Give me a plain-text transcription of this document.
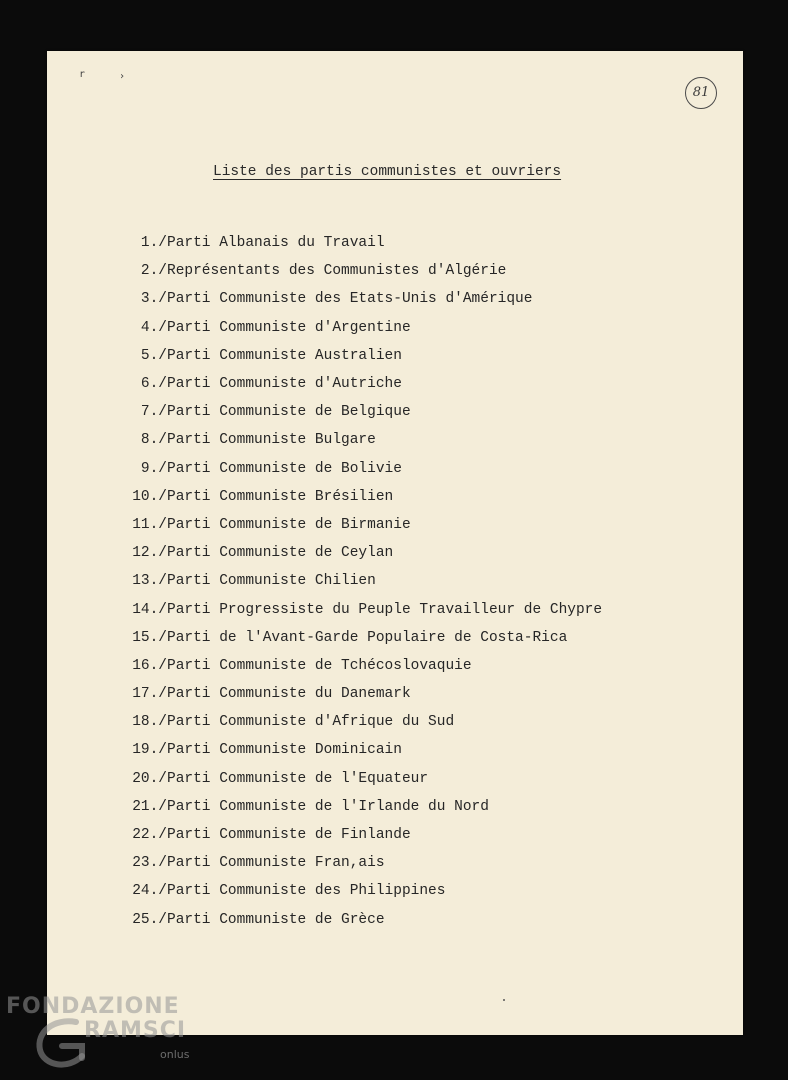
r	›
81
Liste des partis communistes et ouvriers
1./ Parti Albanais du Travail
2./ Représentants des Communistes d'Algérie
3./ Parti Communiste des Etats-Unis d'Amérique
4./ Parti Communiste d'Argentine
5./ Parti Communiste Australien
6./ Parti Communiste d'Autriche
7./ Parti Communiste de Belgique
8./ Parti Communiste Bulgare
9./ Parti Communiste de Bolivie
10./ Parti Communiste Brésilien
11./ Parti Communiste de Birmanie
12./ Parti Communiste de Ceylan
13./ Parti Communiste Chilien
14./ Parti Progressiste du Peuple Travailleur de Chypre
15./ Parti de l'Avant-Garde Populaire de Costa-Rica
16./ Parti Communiste de Tchécoslovaquie
17./ Parti Communiste du Danemark
18./ Parti Communiste d'Afrique du Sud
19./ Parti Communiste Dominicain
20./ Parti Communiste de l'Equateur
21./ Parti Communiste de l'Irlande du Nord
22./ Parti Communiste de Finlande
23./ Parti Communiste Fran,ais
24./ Parti Communiste des Philippines
25./ Parti Communiste de Grèce
FONDAZIONE
RAMSCI
onlus
